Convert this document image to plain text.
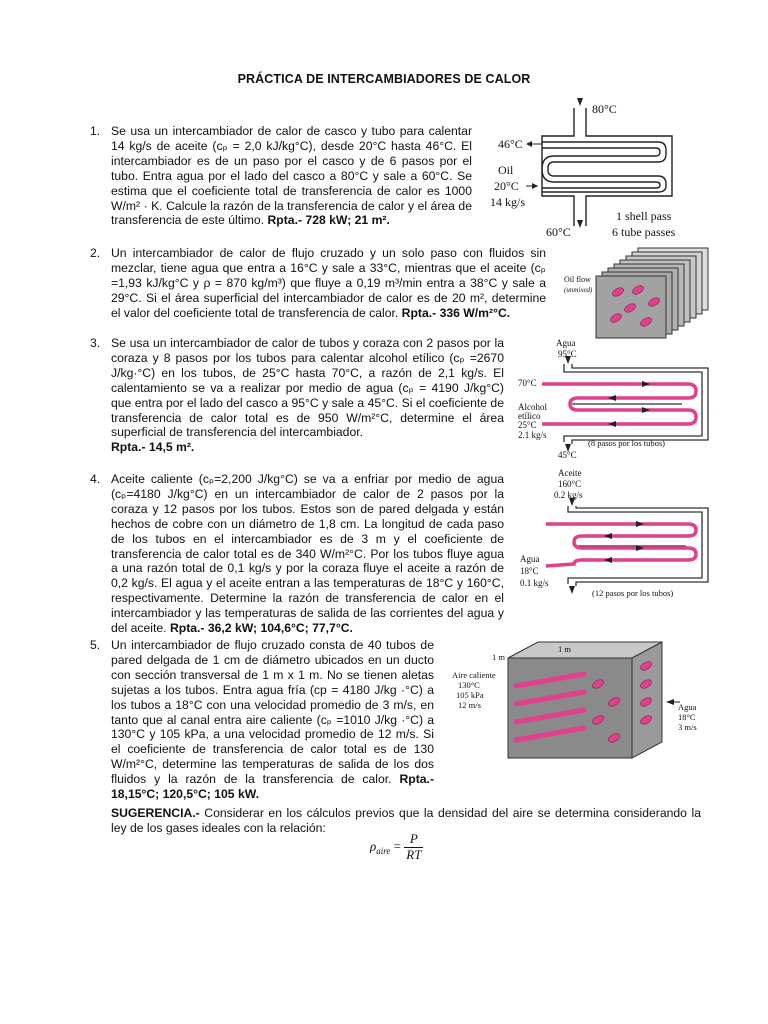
PRÁCTICA DE INTERCAMBIADORES DE CALOR
1. Se usa un intercambiador de calor de casco y tubo para calentar 14 kg/s de aceite (cₚ = 2,0 kJ/kg°C), desde 20°C hasta 46°C. El intercambiador es de un paso por el casco y de 6 pasos por el tubo. Entra agua por el lado del casco a 80°C y sale a 60°C. Se estima que el coeficiente total de transferencia de calor es 1000 W/m² · K. Calcule la razón de la transferencia de calor y el área de transferencia de este último. Rpta.- 728 kW; 21 m².
2. Un intercambiador de calor de flujo cruzado y un solo paso con fluidos sin mezclar, tiene agua que entra a 16°C y sale a 33°C, mientras que el aceite (cₚ =1,93 kJ/kg°C y ρ = 870 kg/m³) que fluye a 0,19 m³/min entra a 38°C y sale a 29°C. Si el área superficial del intercambiador de calor es de 20 m², determine el valor del coeficiente total de transferencia de calor. Rpta.- 336 W/m²°C.
3. Se usa un intercambiador de calor de tubos y coraza con 2 pasos por la coraza y 8 pasos por los tubos para calentar alcohol etílico (cₚ =2670 J/kg·°C) en los tubos, de 25°C hasta 70°C, a razón de 2,1 kg/s. El calentamiento se va a realizar por medio de agua (cₚ = 4190 J/kg°C) que entra por el lado del casco a 95°C y sale a 45°C. Si el coeficiente de transferencia de calor total es de 950 W/m²°C, determine el área superficial de transferencia del intercambiador.
Rpta.- 14,5 m².
4. Aceite caliente (cₚ=2,200 J/kg°C) se va a enfriar por medio de agua (cₚ=4180 J/kg°C) en un intercambiador de calor de 2 pasos por la coraza y 12 pasos por los tubos. Estos son de pared delgada y están hechos de cobre con un diámetro de 1,8 cm. La longitud de cada paso de los tubos en el intercambiador es de 3 m y el coeficiente de transferencia de calor total es de 340 W/m²°C. Por los tubos fluye agua a una razón total de 0,1 kg/s y por la coraza fluye el aceite a razón de 0,2 kg/s. El agua y el aceite entran a las temperaturas de 18°C y 160°C, respectivamente. Determine la razón de transferencia de calor en el intercambiador y las temperaturas de salida de las corrientes del agua y del aceite. Rpta.- 36,2 kW; 104,6°C; 77,7°C.
5. Un intercambiador de flujo cruzado consta de 40 tubos de pared delgada de 1 cm de diámetro ubicados en un ducto con sección transversal de 1 m x 1 m. No se tienen aletas sujetas a los tubos. Entra agua fría (cp = 4180 J/kg ·°C) a los tubos a 18°C con una velocidad promedio de 3 m/s, en tanto que al canal entra aire caliente (cₚ =1010 J/kg ·°C) a 130°C y 105 kPa, a una velocidad promedio de 12 m/s. Si el coeficiente de transferencia de calor total es de 130 W/m²°C, determine las temperaturas de salida de los dos fluidos y la razón de la transferencia de calor. Rpta.- 18,15°C; 120,5°C; 105 kW.
SUGERENCIA.- Considerar en los cálculos previos que la densidad del aire se determina considerando la ley de los gases ideales con la relación:
$\rho_{aire} = \frac{P}{RT}$
80°C
46°C
Oil
20°C
14 kg/s
60°C
1 shell pass
6 tube passes
Oil flow
(unmixed)
Agua
95°C
70°C
Alcohol
etílico
25°C
2.1 kg/s
45°C
(8 pasos por los tubos)
Aceite
160°C
0.2 kg/s
Agua
18°C
0.1 kg/s
(12 pasos por los tubos)
1 m
1 m
Aire caliente
130°C
105 kPa
12 m/s	Agua
18°C
3 m/s
